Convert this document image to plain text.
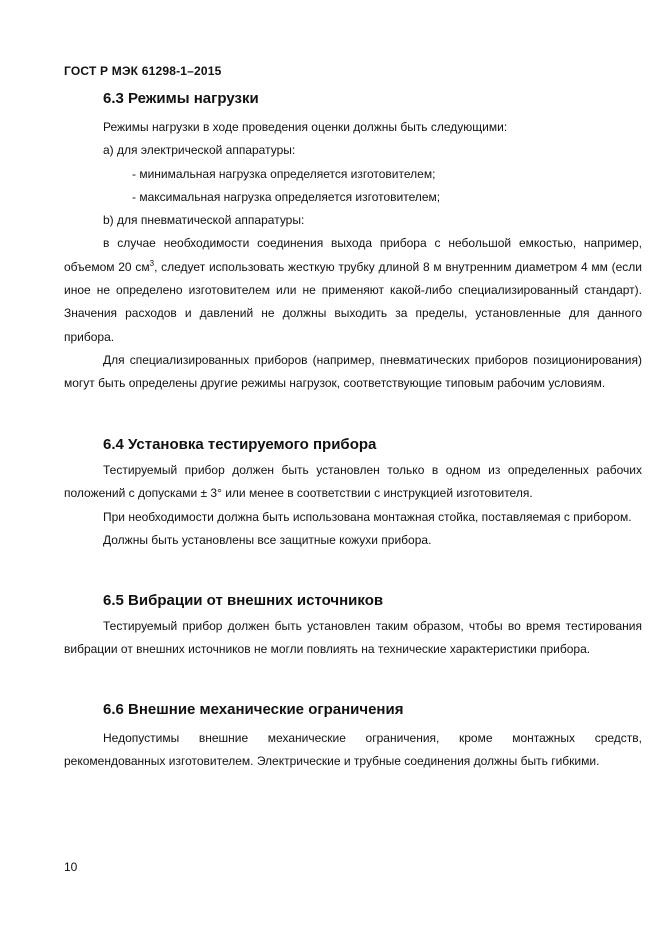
ГОСТ Р МЭК 61298-1–2015
6.3 Режимы нагрузки

Режимы нагрузки в ходе проведения оценки должны быть следующими:

а) для электрической аппаратуры:

- минимальная нагрузка определяется изготовителем;

- максимальная нагрузка определяется изготовителем;

b) для пневматической аппаратуры:

в случае необходимости соединения выхода прибора с небольшой емкостью, например, объемом 20 $см^3$, следует использовать жесткую трубку длиной 8 м внутренним диаметром 4 мм (если иное не определено изготовителем или не применяют какой-либо специализированный стандарт). Значения расходов и давлений не должны выходить за пределы, установленные для данного прибора.

Для специализированных приборов (например, пневматических приборов позиционирования) могут быть определены другие режимы нагрузок, соответствующие типовым рабочим условиям.

6.4 Установка тестируемого прибора

Тестируемый прибор должен быть установлен только в одном из определенных рабочих положений с допусками ± 3° или менее в соответствии с инструкцией изготовителя.

При необходимости должна быть использована монтажная стойка, поставляемая с прибором.

Должны быть установлены все защитные кожухи прибора.

6.5 Вибрации от внешних источников

Тестируемый прибор должен быть установлен таким образом, чтобы во время тестирования вибрации от внешних источников не могли повлиять на технические характеристики прибора.

6.6 Внешние механические ограничения

Недопустимы внешние механические ограничения, кроме монтажных средств, рекомендованных изготовителем. Электрические и трубные соединения должны быть гибкими.

10
